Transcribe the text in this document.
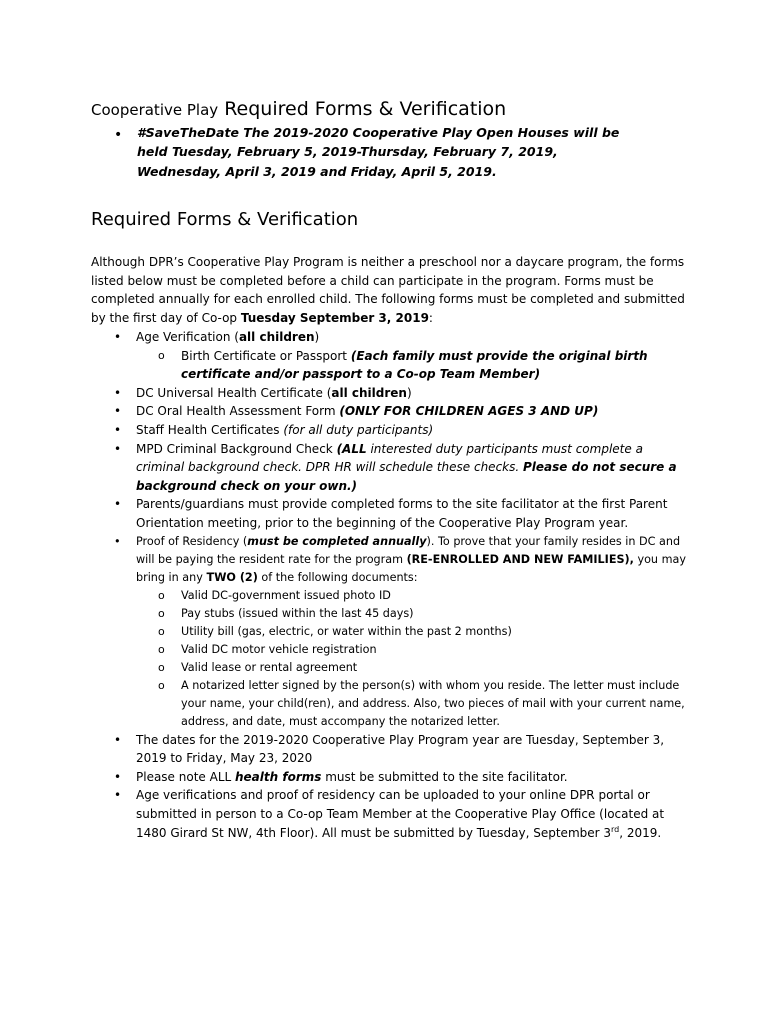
Cooperative Play Required Forms & Verification
• #SaveTheDate The 2019-2020 Cooperative Play Open Houses will be held Tuesday, February 5, 2019-Thursday, February 7, 2019, Wednesday, April 3, 2019 and Friday, April 5, 2019.

Required Forms & Verification

Although DPR’s Cooperative Play Program is neither a preschool nor a daycare program, the forms listed below must be completed before a child can participate in the program. Forms must be completed annually for each enrolled child. The following forms must be completed and submitted by the first day of Co-op Tuesday September 3, 2019:

• Age Verification (all children)
o Birth Certificate or Passport (Each family must provide the original birth certificate and/or passport to a Co-op Team Member)
• DC Universal Health Certificate (all children)
• DC Oral Health Assessment Form (ONLY FOR CHILDREN AGES 3 AND UP)
• Staff Health Certificates (for all duty participants)
• MPD Criminal Background Check (ALL interested duty participants must complete a criminal background check. DPR HR will schedule these checks. Please do not secure a background check on your own.)
• Parents/guardians must provide completed forms to the site facilitator at the first Parent Orientation meeting, prior to the beginning of the Cooperative Play Program year.
• Proof of Residency (must be completed annually). To prove that your family resides in DC and will be paying the resident rate for the program (RE-ENROLLED AND NEW FAMILIES), you may bring in any TWO (2) of the following documents:
o Valid DC-government issued photo ID
o Pay stubs (issued within the last 45 days)
o Utility bill (gas, electric, or water within the past 2 months)
o Valid DC motor vehicle registration
o Valid lease or rental agreement
o A notarized letter signed by the person(s) with whom you reside. The letter must include your name, your child(ren), and address. Also, two pieces of mail with your current name, address, and date, must accompany the notarized letter.
• The dates for the 2019-2020 Cooperative Play Program year are Tuesday, September 3, 2019 to Friday, May 23, 2020
• Please note ALL health forms must be submitted to the site facilitator.
• Age verifications and proof of residency can be uploaded to your online DPR portal or submitted in person to a Co-op Team Member at the Cooperative Play Office (located at 1480 Girard St NW, 4th Floor). All must be submitted by Tuesday, September 3rd, 2019.
